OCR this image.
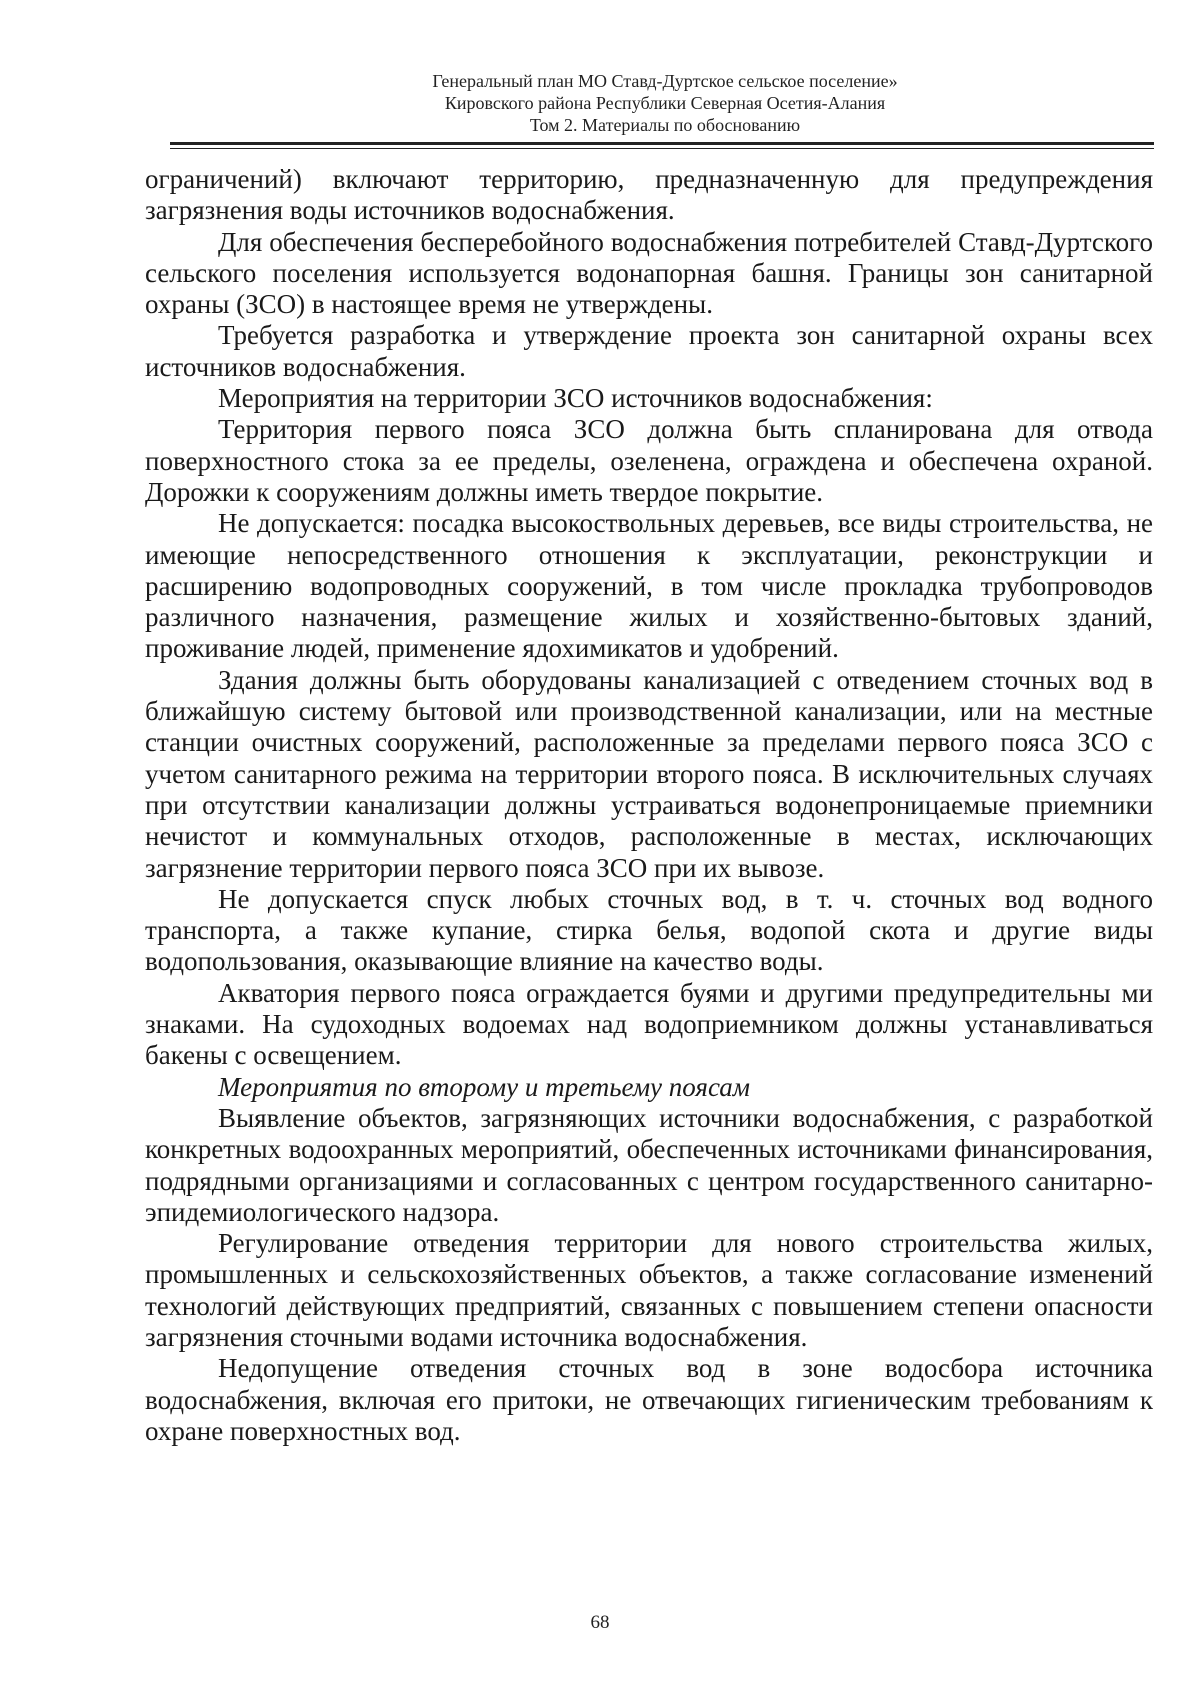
Генеральный план МО Ставд-Дуртское сельское поселение»
Кировского района Республики Северная Осетия-Алания
Том 2. Материалы по обоснованию

ограничений) включают территорию, предназначенную для предупреждения загрязнения воды источников водоснабжения.

Для обеспечения бесперебойного водоснабжения потребителей Ставд-Дуртского сельского поселения используется водонапорная башня. Границы зон санитарной охраны (ЗСО) в настоящее время не утверждены.

Требуется разработка и утверждение проекта зон санитарной охраны всех источников водоснабжения.

Мероприятия на территории ЗСО источников водоснабжения:

Территория первого пояса ЗСО должна быть спланирована для отвода поверхностного стока за ее пределы, озеленена, ограждена и обеспечена охраной. Дорожки к сооружениям должны иметь твердое покрытие.

Не допускается: посадка высокоствольных деревьев, все виды строительства, не имеющие непосредственного отношения к эксплуатации, реконструкции и расширению водопроводных сооружений, в том числе прокладка трубопроводов различного назначения, размещение жилых и хозяйственно-бытовых зданий, проживание людей, применение ядохимикатов и удобрений.

Здания должны быть оборудованы канализацией с отведением сточных вод в ближайшую систему бытовой или производственной канализации, или на местные станции очистных сооружений, расположенные за пределами первого пояса ЗСО с учетом санитарного режима на территории второго пояса. В исключительных случаях при отсутствии канализации должны устраиваться водонепроницаемые приемники нечистот и коммунальных отходов, расположенные в местах, исключающих загрязнение территории первого пояса ЗСО при их вывозе.

Не допускается спуск любых сточных вод, в т. ч. сточных вод водного транспорта, а также купание, стирка белья, водопой скота и другие виды водопользования, оказывающие влияние на качество воды.

Акватория первого пояса ограждается буями и другими предупредительны ми знаками. На судоходных водоемах над водоприемником должны устанавливаться бакены с освещением.

Мероприятия по второму и третьему поясам

Выявление объектов, загрязняющих источники водоснабжения, с разработкой конкретных водоохранных мероприятий, обеспеченных источниками финансирования, подрядными организациями и согласованных с центром государственного санитарно-эпидемиологического надзора.

Регулирование отведения территории для нового строительства жилых, промышленных и сельскохозяйственных объектов, а также согласование изменений технологий действующих предприятий, связанных с повышением степени опасности загрязнения сточными водами источника водоснабжения.

Недопущение отведения сточных вод в зоне водосбора источника водоснабжения, включая его притоки, не отвечающих гигиеническим требованиям к охране поверхностных вод.

68
